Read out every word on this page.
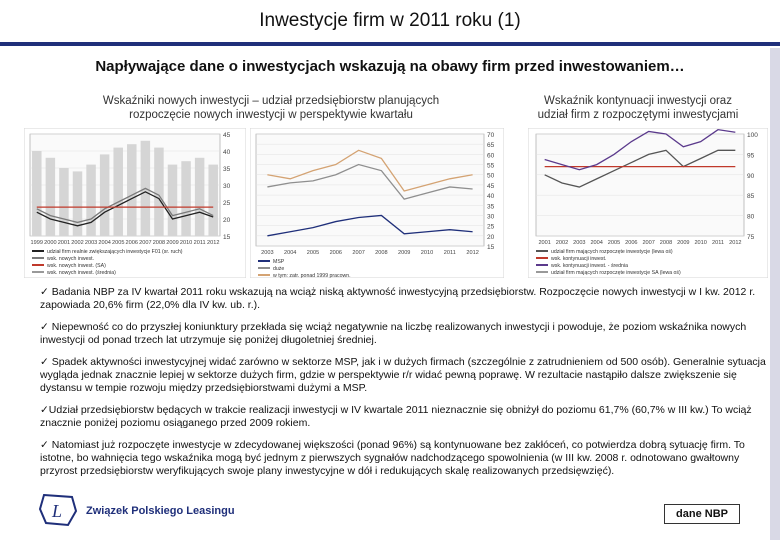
Inwestycje firm w 2011 roku (1)
Napływające dane o inwestycjach wskazują na obawy firm przed inwestowaniem…
Wskaźniki nowych inwestycji – udział przedsiębiorstw planujących
rozpoczęcie nowych inwestycji w perspektywie kwartału
Wskaźnik kontynuacji inwestycji oraz
udział firm z rozpoczętymi inwestycjami
45
40
35
30
25
20
15
1999 2000 2001 2002 2003 2004 2005 2006 2007 2008 2009 2010 2011 2012
udział firm realnie zwiększających inwestycje F01 (sr. ruch)
wsk. nowych inwest.
wsk. nowych inwest. (SA)
wsk. nowych inwest. (średnia)
70
65
60
55
50
45
40
35
30
25
20
15
2003 2004 2005 2006 2007 2008 2009 2010 2011 2012
MSP
duże
w tym: zatr. ponad 1999 pracown.
100
95
90
85
80
75
2001 2002 2003 2004 2005 2006 2007 2008 2009 2010 2011 2012
udział firm mających rozpoczęte inwestycje (lewa oś)
wsk. kontynuacji inwest.
wsk. kontynuacji inwest. - średnia
udział firm mających rozpoczęte inwestycje SA (lewa oś)
✓ Badania NBP za IV kwartał 2011 roku wskazują na wciąż niską aktywność inwestycyjną przedsiębiorstw. Rozpoczęcie nowych inwestycji w I kw. 2012 r. zapowiada 20,6% firm (22,0% dla IV kw. ub. r.).
✓ Niepewność co do przyszłej koniunktury przekłada się wciąż negatywnie na liczbę realizowanych inwestycji i powoduje, że poziom wskaźnika nowych inwestycji od ponad trzech lat utrzymuje się poniżej długoletniej średniej.
✓ Spadek aktywności inwestycyjnej widać zarówno w sektorze MSP, jak i w dużych firmach (szczególnie z zatrudnieniem od 500 osób). Generalnie sytuacja wygląda jednak znacznie lepiej w sektorze dużych firm, gdzie w perspektywie r/r widać pewną poprawę. W rezultacie nastąpiło dalsze zwiększenie się dystansu w tempie rozwoju między przedsiębiorstwami dużymi a MSP.
✓Udział przedsiębiorstw będących w trakcie realizacji inwestycji w IV kwartale 2011 nieznacznie się obniżył do poziomu 61,7% (60,7% w III kw.) To wciąż znacznie poniżej poziomu osiąganego przed 2009 rokiem.
✓ Natomiast już rozpoczęte inwestycje w zdecydowanej większości (ponad 96%) są kontynuowane bez zakłóceń, co potwierdza dobrą sytuację firm. To istotne, bo wahnięcia tego wskaźnika mogą być jednym z pierwszych sygnałów nadchodzącego spowolnienia (w III kw. 2008 r. odnotowano gwałtowny przyrost przedsiębiorstw weryfikujących swoje plany inwestycyjne w dół i redukujących skalę realizowanych przedsięwzięć).
L Związek Polskiego Leasingu	dane NBP
